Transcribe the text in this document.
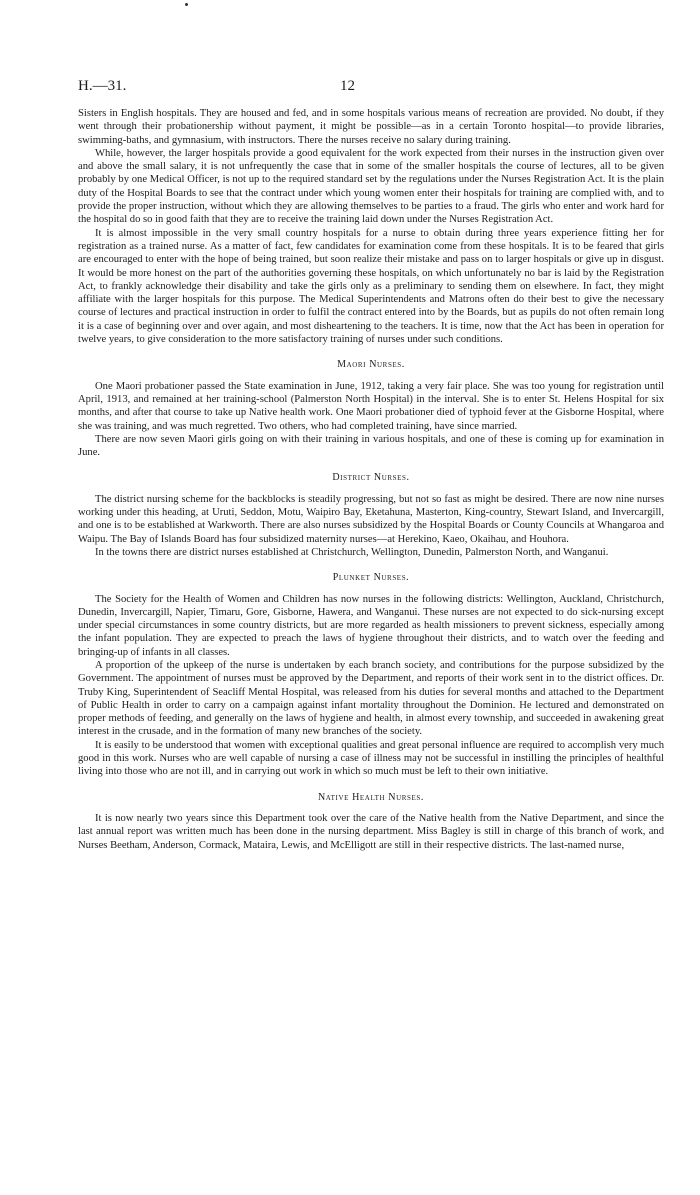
H.—31.	12

Sisters in English hospitals. They are housed and fed, and in some hospitals various means of recreation are provided. No doubt, if they went through their probationership without payment, it might be possible—as in a certain Toronto hospital—to provide libraries, swimming-baths, and gymnasium, with instructors. There the nurses receive no salary during training.

While, however, the larger hospitals provide a good equivalent for the work expected from their nurses in the instruction given over and above the small salary, it is not unfrequently the case that in some of the smaller hospitals the course of lectures, all to be given probably by one Medical Officer, is not up to the required standard set by the regulations under the Nurses Registration Act. It is the plain duty of the Hospital Boards to see that the contract under which young women enter their hospitals for training are complied with, and to provide the proper instruction, without which they are allowing themselves to be parties to a fraud. The girls who enter and work hard for the hospital do so in good faith that they are to receive the training laid down under the Nurses Registration Act.

It is almost impossible in the very small country hospitals for a nurse to obtain during three years experience fitting her for registration as a trained nurse. As a matter of fact, few candidates for examination come from these hospitals. It is to be feared that girls are encouraged to enter with the hope of being trained, but soon realize their mistake and pass on to larger hospitals or give up in disgust. It would be more honest on the part of the authorities governing these hospitals, on which unfortunately no bar is laid by the Registration Act, to frankly acknowledge their disability and take the girls only as a preliminary to sending them on elsewhere. In fact, they might affiliate with the larger hospitals for this purpose. The Medical Superintendents and Matrons often do their best to give the necessary course of lectures and practical instruction in order to fulfil the contract entered into by the Boards, but as pupils do not often remain long it is a case of beginning over and over again, and most disheartening to the teachers. It is time, now that the Act has been in operation for twelve years, to give consideration to the more satisfactory training of nurses under such conditions.

Maori Nurses.

One Maori probationer passed the State examination in June, 1912, taking a very fair place. She was too young for registration until April, 1913, and remained at her training-school (Palmerston North Hospital) in the interval. She is to enter St. Helens Hospital for six months, and after that course to take up Native health work. One Maori probationer died of typhoid fever at the Gisborne Hospital, where she was training, and was much regretted. Two others, who had completed training, have since married.

There are now seven Maori girls going on with their training in various hospitals, and one of these is coming up for examination in June.

District Nurses.

The district nursing scheme for the backblocks is steadily progressing, but not so fast as might be desired. There are now nine nurses working under this heading, at Uruti, Seddon, Motu, Waipiro Bay, Eketahuna, Masterton, King-country, Stewart Island, and Invercargill, and one is to be established at Warkworth. There are also nurses subsidized by the Hospital Boards or County Councils at Whangaroa and Waipu. The Bay of Islands Board has four subsidized maternity nurses—at Herekino, Kaeo, Okaihau, and Houhora.

In the towns there are district nurses established at Christchurch, Wellington, Dunedin, Palmerston North, and Wanganui.

Plunket Nurses.

The Society for the Health of Women and Children has now nurses in the following districts: Wellington, Auckland, Christchurch, Dunedin, Invercargill, Napier, Timaru, Gore, Gisborne, Hawera, and Wanganui. These nurses are not expected to do sick-nursing except under special circumstances in some country districts, but are more regarded as health missioners to prevent sickness, especially among the infant population. They are expected to preach the laws of hygiene throughout their districts, and to watch over the feeding and bringing-up of infants in all classes.

A proportion of the upkeep of the nurse is undertaken by each branch society, and contributions for the purpose subsidized by the Government. The appointment of nurses must be approved by the Department, and reports of their work sent in to the district offices. Dr. Truby King, Superintendent of Seacliff Mental Hospital, was released from his duties for several months and attached to the Department of Public Health in order to carry on a campaign against infant mortality throughout the Dominion. He lectured and demonstrated on proper methods of feeding, and generally on the laws of hygiene and health, in almost every township, and succeeded in awakening great interest in the crusade, and in the formation of many new branches of the society.

It is easily to be understood that women with exceptional qualities and great personal influence are required to accomplish very much good in this work. Nurses who are well capable of nursing a case of illness may not be successful in instilling the principles of healthful living into those who are not ill, and in carrying out work in which so much must be left to their own initiative.

Native Health Nurses.

It is now nearly two years since this Department took over the care of the Native health from the Native Department, and since the last annual report was written much has been done in the nursing department. Miss Bagley is still in charge of this branch of work, and Nurses Beetham, Anderson, Cormack, Mataira, Lewis, and McElligott are still in their respective districts. The last-named nurse,
